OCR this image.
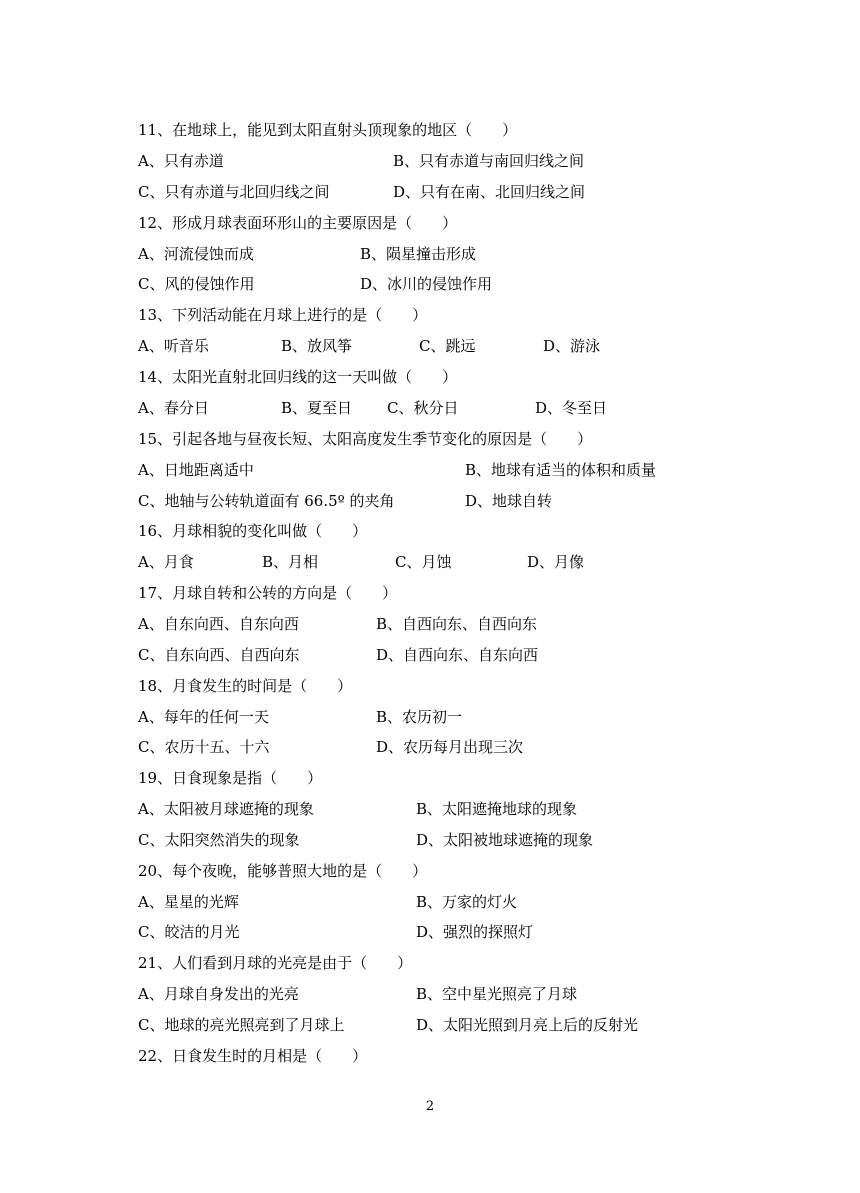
11、在地球上，能见到太阳直射头顶现象的地区（　　）
A、只有赤道	B、只有赤道与南回归线之间
C、只有赤道与北回归线之间	D、只有在南、北回归线之间
12、形成月球表面环形山的主要原因是（　　）
A、河流侵蚀而成	B、陨星撞击形成
C、风的侵蚀作用	D、冰川的侵蚀作用
13、下列活动能在月球上进行的是（　　）
A、听音乐	B、放风筝	C、跳远	D、游泳
14、太阳光直射北回归线的这一天叫做（　　）
A、春分日	B、夏至日 C、秋分日	D、冬至日
15、引起各地与昼夜长短、太阳高度发生季节变化的原因是（　　）
A、日地距离适中	B、地球有适当的体积和质量
C、地轴与公转轨道面有 66.5º 的夹角	D、地球自转
16、月球相貌的变化叫做（　　）
A、月食	B、月相	C、月蚀	D、月像
17、月球自转和公转的方向是（　　）
A、自东向西、自东向西	B、自西向东、自西向东
C、自东向西、自西向东	D、自西向东、自东向西
18、月食发生的时间是（　　）
A、每年的任何一天	B、农历初一
C、农历十五、十六	D、农历每月出现三次
19、日食现象是指（　　）
A、太阳被月球遮掩的现象	B、太阳遮掩地球的现象
C、太阳突然消失的现象	D、太阳被地球遮掩的现象
20、每个夜晚，能够普照大地的是（　　）
A、星星的光辉	B、万家的灯火
C、皎洁的月光	D、强烈的探照灯
21、人们看到月球的光亮是由于（　　）
A、月球自身发出的光亮	B、空中星光照亮了月球
C、地球的亮光照亮到了月球上	D、太阳光照到月亮上后的反射光
22、日食发生时的月相是（　　）
2
